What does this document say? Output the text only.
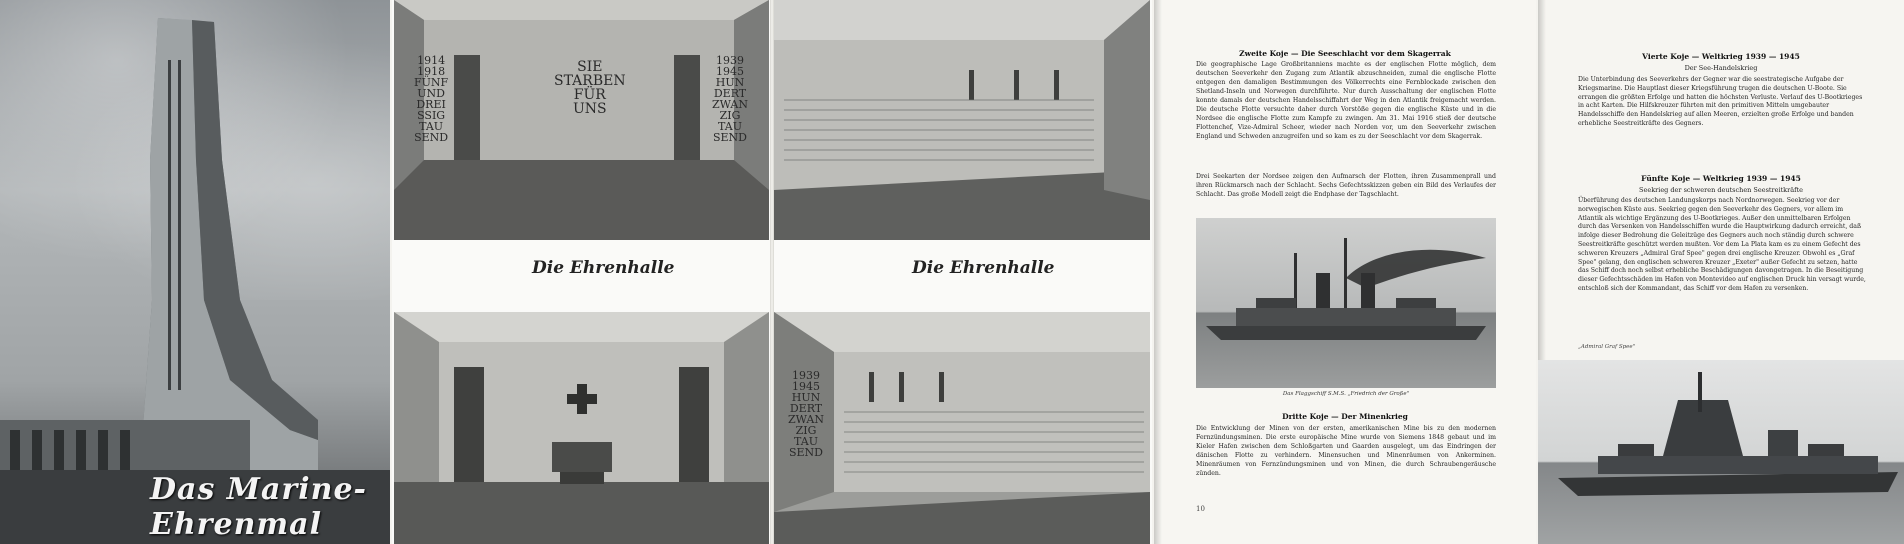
Das Marine-Ehrenmal
1914
1918
FÜNF
UND
DREI
SSIG
TAU
SEND
SIE
STARBEN
FÜR
UNS
1939
1945
HUN
DERT
ZWAN
ZIG
TAU
SEND
Die Ehrenhalle	Die Ehrenhalle
1939
1945
HUN
DERT
ZWAN
ZIG
TAU
SEND
Zweite Koje — Die Seeschlacht vor dem Skagerrak
Die geographische Lage Großbritanniens machte es der englischen Flotte möglich, dem deutschen Seeverkehr den Zugang zum Atlantik abzuschneiden, zumal die englische Flotte entgegen den damaligen Bestimmungen des Völkerrechts eine Fernblockade zwischen den Shetland-Inseln und Norwegen durchführte. Nur durch Ausschaltung der englischen Flotte konnte damals der deutschen Handelsschiffahrt der Weg in den Atlantik freigemacht werden. Die deutsche Flotte versuchte daher durch Vorstöße gegen die englische Küste und in die Nordsee die englische Flotte zum Kampfe zu zwingen. Am 31. Mai 1916 stieß der deutsche Flottenchef, Vize-Admiral Scheer, wieder nach Norden vor, um den Seeverkehr zwischen England und Schweden anzugreifen und so kam es zu der Seeschlacht vor dem Skagerrak.
Drei Seekarten der Nordsee zeigen den Aufmarsch der Flotten, ihren Zusammenprall und ihren Rückmarsch nach der Schlacht. Sechs Gefechtsskizzen geben ein Bild des Verlaufes der Schlacht. Das große Modell zeigt die Endphase der Tagschlacht.
Das Flaggschiff S.M.S. „Friedrich der Große"
Dritte Koje — Der Minenkrieg
Die Entwicklung der Minen von der ersten, amerikanischen Mine bis zu den modernen Fernzündungsminen. Die erste europäische Mine wurde von Siemens 1848 gebaut und im Kieler Hafen zwischen dem Schloßgarten und Gaarden ausgelegt, um das Eindringen der dänischen Flotte zu verhindern. Minensuchen und Minenräumen von Ankerminen. Minenräumen von Fernzündungsminen und von Minen, die durch Schraubengeräusche zünden.
10
Vierte Koje — Weltkrieg 1939 — 1945
Der See-Handelskrieg
Die Unterbindung des Seeverkehrs der Gegner war die seestrategische Aufgabe der Kriegsmarine. Die Hauptlast dieser Kriegsführung trugen die deutschen U-Boote. Sie errangen die größten Erfolge und hatten die höchsten Verluste. Verlauf des U-Bootkrieges in acht Karten. Die Hilfskreuzer führten mit den primitiven Mitteln umgebauter Handelsschiffe den Handelskrieg auf allen Meeren, erzielten große Erfolge und banden erhebliche Seestreitkräfte des Gegners.
Fünfte Koje — Weltkrieg 1939 — 1945
Seekrieg der schweren deutschen Seestreitkräfte
Überführung des deutschen Landungskorps nach Nordnorwegen. Seekrieg vor der norwegischen Küste aus. Seekrieg gegen den Seeverkehr des Gegners, vor allem im Atlantik als wichtige Ergänzung des U-Bootkrieges. Außer den unmittelbaren Erfolgen durch das Versenken von Handelsschiffen wurde die Hauptwirkung dadurch erreicht, daß infolge dieser Bedrohung die Geleitzüge des Gegners auch noch ständig durch schwere Seestreitkräfte geschützt werden mußten. Vor dem La Plata kam es zu einem Gefecht des schweren Kreuzers „Admiral Graf Spee" gegen drei englische Kreuzer. Obwohl es „Graf Spee" gelang, den englischen schweren Kreuzer „Exeter" außer Gefecht zu setzen, hatte das Schiff doch noch selbst erhebliche Beschädigungen davongetragen. In die Beseitigung dieser Gefechtsschäden im Hafen von Montevideo auf englischen Druck hin versagt wurde, entschloß sich der Kommandant, das Schiff vor dem Hafen zu versenken.
„Admiral Graf Spee"
